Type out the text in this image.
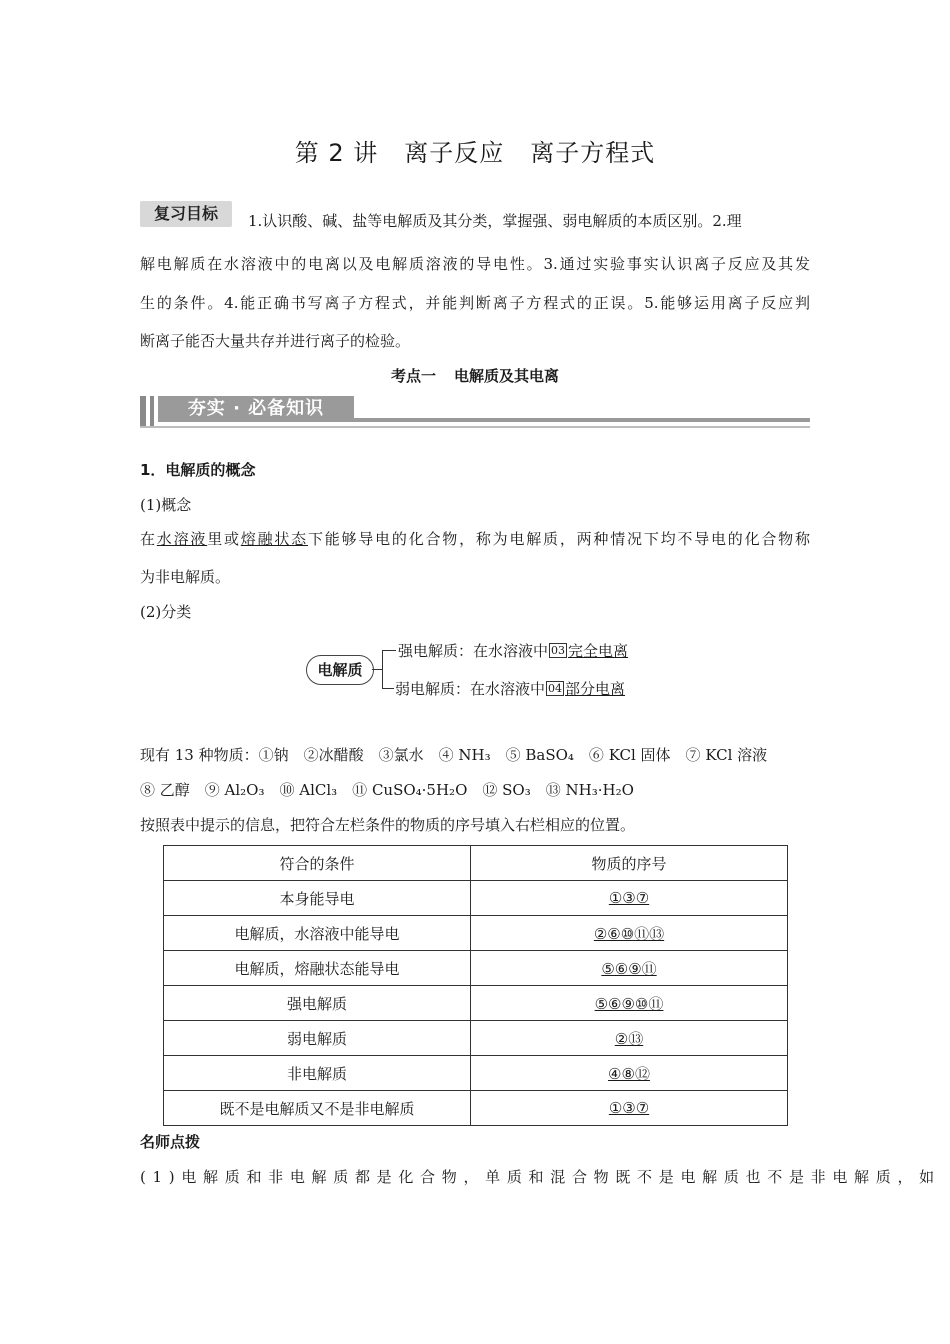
第 2 讲 离子反应 离子方程式
复习目标	1.认识酸、碱、盐等电解质及其分类，掌握强、弱电解质的本质区别。2.理
解电解质在水溶液中的电离以及电解质溶液的导电性。3.通过实验事实认识离子反应及其发
生的条件。4.能正确书写离子方程式，并能判断离子方程式的正误。5.能够运用离子反应判
断离子能否大量共存并进行离子的检验。
考点一 电解质及其电离
夯实 · 必备知识
1．电解质的概念
(1)概念
在水溶液里或熔融状态下能够导电的化合物，称为电解质，两种情况下均不导电的化合物称
为非电解质。
(2)分类
电解质
强电解质：在水溶液中 03 完全电离
弱电解质：在水溶液中 04 部分电离
现有 13 种物质：①钠　②冰醋酸　③氯水　④ NH₃　⑤ BaSO₄　⑥ KCl 固体　⑦ KCl 溶液
⑧ 乙醇　⑨ Al₂O₃　⑩ AlCl₃　⑪ CuSO₄·5H₂O　⑫ SO₃　⑬ NH₃·H₂O
按照表中提示的信息，把符合左栏条件的物质的序号填入右栏相应的位置。
符合的条件	物质的序号
本身能导电	①③⑦
电解质，水溶液中能导电	②⑥⑩⑪⑬
电解质，熔融状态能导电	⑤⑥⑨⑪
强电解质	⑤⑥⑨⑩⑪
弱电解质	②⑬
非电解质	④⑧⑫
既不是电解质又不是非电解质	①③⑦
名师点拨
(1)电解质和非电解质都是化合物，单质和混合物既不是电解质也不是非电解质，如
